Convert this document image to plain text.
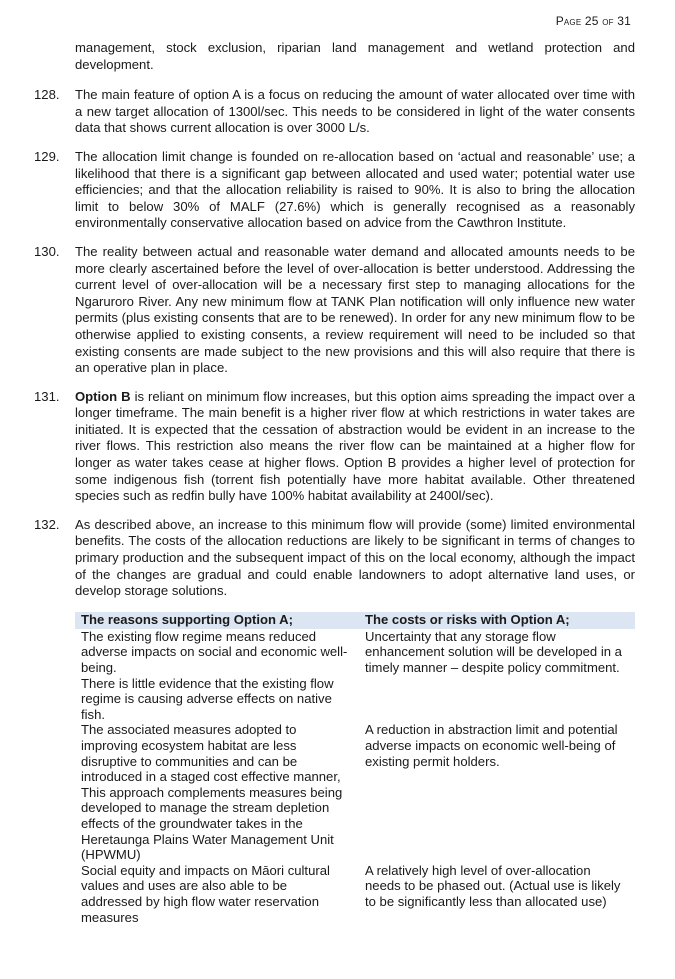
Page 25 of 31
management, stock exclusion, riparian land management and wetland protection and development.
128.	The main feature of option A is a focus on reducing the amount of water allocated over time with a new target allocation of 1300l/sec. This needs to be considered in light of the water consents data that shows current allocation is over 3000 L/s.
129.	The allocation limit change is founded on re-allocation based on ‘actual and reasonable’ use; a likelihood that there is a significant gap between allocated and used water; potential water use efficiencies; and that the allocation reliability is raised to 90%. It is also to bring the allocation limit to below 30% of MALF (27.6%) which is generally recognised as a reasonably environmentally conservative allocation based on advice from the Cawthron Institute.
130.	The reality between actual and reasonable water demand and allocated amounts needs to be more clearly ascertained before the level of over-allocation is better understood. Addressing the current level of over-allocation will be a necessary first step to managing allocations for the Ngaruroro River. Any new minimum flow at TANK Plan notification will only influence new water permits (plus existing consents that are to be renewed). In order for any new minimum flow to be otherwise applied to existing consents, a review requirement will need to be included so that existing consents are made subject to the new provisions and this will also require that there is an operative plan in place.
131.	Option B is reliant on minimum flow increases, but this option aims spreading the impact over a longer timeframe. The main benefit is a higher river flow at which restrictions in water takes are initiated. It is expected that the cessation of abstraction would be evident in an increase to the river flows. This restriction also means the river flow can be maintained at a higher flow for longer as water takes cease at higher flows. Option B provides a higher level of protection for some indigenous fish (torrent fish potentially have more habitat available. Other threatened species such as redfin bully have 100% habitat availability at 2400l/sec).
132.	As described above, an increase to this minimum flow will provide (some) limited environmental benefits. The costs of the allocation reductions are likely to be significant in terms of changes to primary production and the subsequent impact of this on the local economy, although the impact of the changes are gradual and could enable landowners to adopt alternative land uses, or develop storage solutions.
The reasons supporting Option A;	The costs or risks with Option A;
The existing flow regime means reduced adverse impacts on social and economic well-being.	Uncertainty that any storage flow enhancement solution will be developed in a timely manner – despite policy commitment.
There is little evidence that the existing flow regime is causing adverse effects on native fish.	
The associated measures adopted to improving ecosystem habitat are less disruptive to communities and can be introduced in a staged cost effective manner,	A reduction in abstraction limit and potential adverse impacts on economic well-being of existing permit holders.
This approach complements measures being developed to manage the stream depletion effects of the groundwater takes in the Heretaunga Plains Water Management Unit (HPWMU)	
Social equity and impacts on Māori cultural values and uses are also able to be addressed by high flow water reservation measures	A relatively high level of over-allocation needs to be phased out. (Actual use is likely to be significantly less than allocated use)
